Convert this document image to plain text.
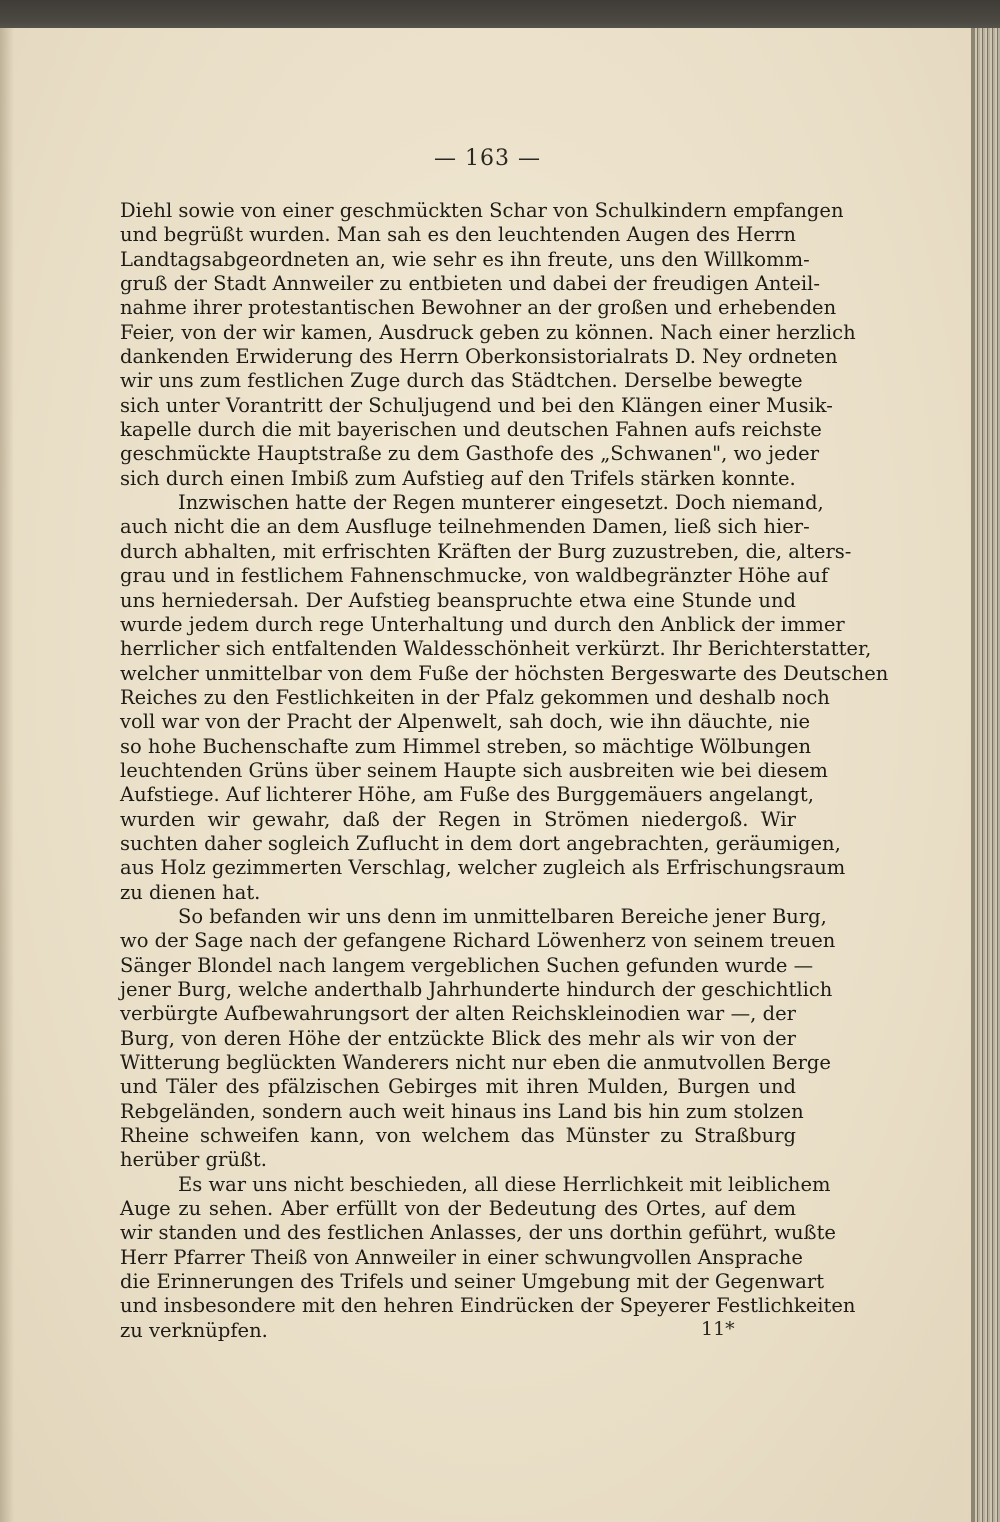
— 163 —
Diehl sowie von einer geschmückten Schar von Schulkindern empfangen
und begrüßt wurden. Man sah es den leuchtenden Augen des Herrn
Landtagsabgeordneten an, wie sehr es ihn freute, uns den Willkomm-
gruß der Stadt Annweiler zu entbieten und dabei der freudigen Anteil-
nahme ihrer protestantischen Bewohner an der großen und erhebenden
Feier, von der wir kamen, Ausdruck geben zu können. Nach einer herzlich
dankenden Erwiderung des Herrn Oberkonsistorialrats D. Ney ordneten
wir uns zum festlichen Zuge durch das Städtchen. Derselbe bewegte
sich unter Vorantritt der Schuljugend und bei den Klängen einer Musik-
kapelle durch die mit bayerischen und deutschen Fahnen aufs reichste
geschmückte Hauptstraße zu dem Gasthofe des „Schwanen", wo jeder
sich durch einen Imbiß zum Aufstieg auf den Trifels stärken konnte.
Inzwischen hatte der Regen munterer eingesetzt. Doch niemand,
auch nicht die an dem Ausfluge teilnehmenden Damen, ließ sich hier-
durch abhalten, mit erfrischten Kräften der Burg zuzustreben, die, alters-
grau und in festlichem Fahnenschmucke, von waldbegränzter Höhe auf
uns herniedersah. Der Aufstieg beanspruchte etwa eine Stunde und
wurde jedem durch rege Unterhaltung und durch den Anblick der immer
herrlicher sich entfaltenden Waldesschönheit verkürzt. Ihr Berichterstatter,
welcher unmittelbar von dem Fuße der höchsten Bergeswarte des Deutschen
Reiches zu den Festlichkeiten in der Pfalz gekommen und deshalb noch
voll war von der Pracht der Alpenwelt, sah doch, wie ihn däuchte, nie
so hohe Buchenschafte zum Himmel streben, so mächtige Wölbungen
leuchtenden Grüns über seinem Haupte sich ausbreiten wie bei diesem
Aufstiege. Auf lichterer Höhe, am Fuße des Burggemäuers angelangt,
wurden wir gewahr, daß der Regen in Strömen niedergoß. Wir
suchten daher sogleich Zuflucht in dem dort angebrachten, geräumigen,
aus Holz gezimmerten Verschlag, welcher zugleich als Erfrischungsraum
zu dienen hat.
So befanden wir uns denn im unmittelbaren Bereiche jener Burg,
wo der Sage nach der gefangene Richard Löwenherz von seinem treuen
Sänger Blondel nach langem vergeblichen Suchen gefunden wurde —
jener Burg, welche anderthalb Jahrhunderte hindurch der geschichtlich
verbürgte Aufbewahrungsort der alten Reichskleinodien war —, der
Burg, von deren Höhe der entzückte Blick des mehr als wir von der
Witterung beglückten Wanderers nicht nur eben die anmutvollen Berge
und Täler des pfälzischen Gebirges mit ihren Mulden, Burgen und
Rebgeländen, sondern auch weit hinaus ins Land bis hin zum stolzen
Rheine schweifen kann, von welchem das Münster zu Straßburg
herüber grüßt.
Es war uns nicht beschieden, all diese Herrlichkeit mit leiblichem
Auge zu sehen. Aber erfüllt von der Bedeutung des Ortes, auf dem
wir standen und des festlichen Anlasses, der uns dorthin geführt, wußte
Herr Pfarrer Theiß von Annweiler in einer schwungvollen Ansprache
die Erinnerungen des Trifels und seiner Umgebung mit der Gegenwart
und insbesondere mit den hehren Eindrücken der Speyerer Festlichkeiten
zu verknüpfen.	11*
